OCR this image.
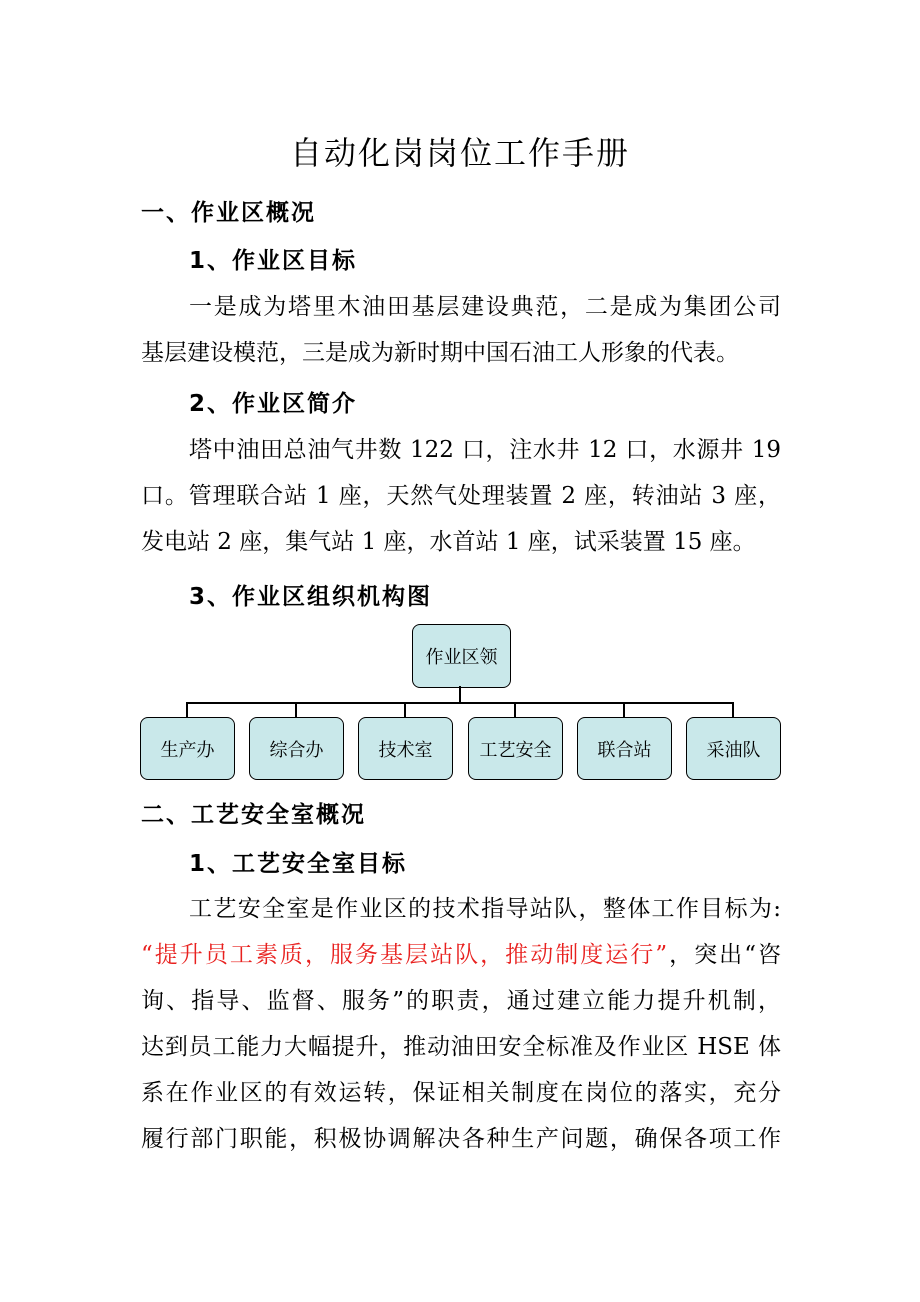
自动化岗岗位工作手册
一、作业区概况
1、作业区目标
一是成为塔里木油田基层建设典范，二是成为集团公司
基层建设模范，三是成为新时期中国石油工人形象的代表。
2、作业区简介
塔中油田总油气井数 122 口，注水井 12 口，水源井 19
口。管理联合站 1 座，天然气处理装置 2 座，转油站 3 座，
发电站 2 座，集气站 1 座，水首站 1 座，试采装置 15 座。
3、作业区组织机构图
作业区领
生产办	综合办	技术室	工艺安全	联合站	采油队
二、工艺安全室概况
1、工艺安全室目标
工艺安全室是作业区的技术指导站队，整体工作目标为:
“提升员工素质，服务基层站队，推动制度运行”，突出“咨
询、指导、监督、服务”的职责，通过建立能力提升机制，
达到员工能力大幅提升，推动油田安全标准及作业区 HSE 体
系在作业区的有效运转，保证相关制度在岗位的落实，充分
履行部门职能，积极协调解决各种生产问题，确保各项工作
